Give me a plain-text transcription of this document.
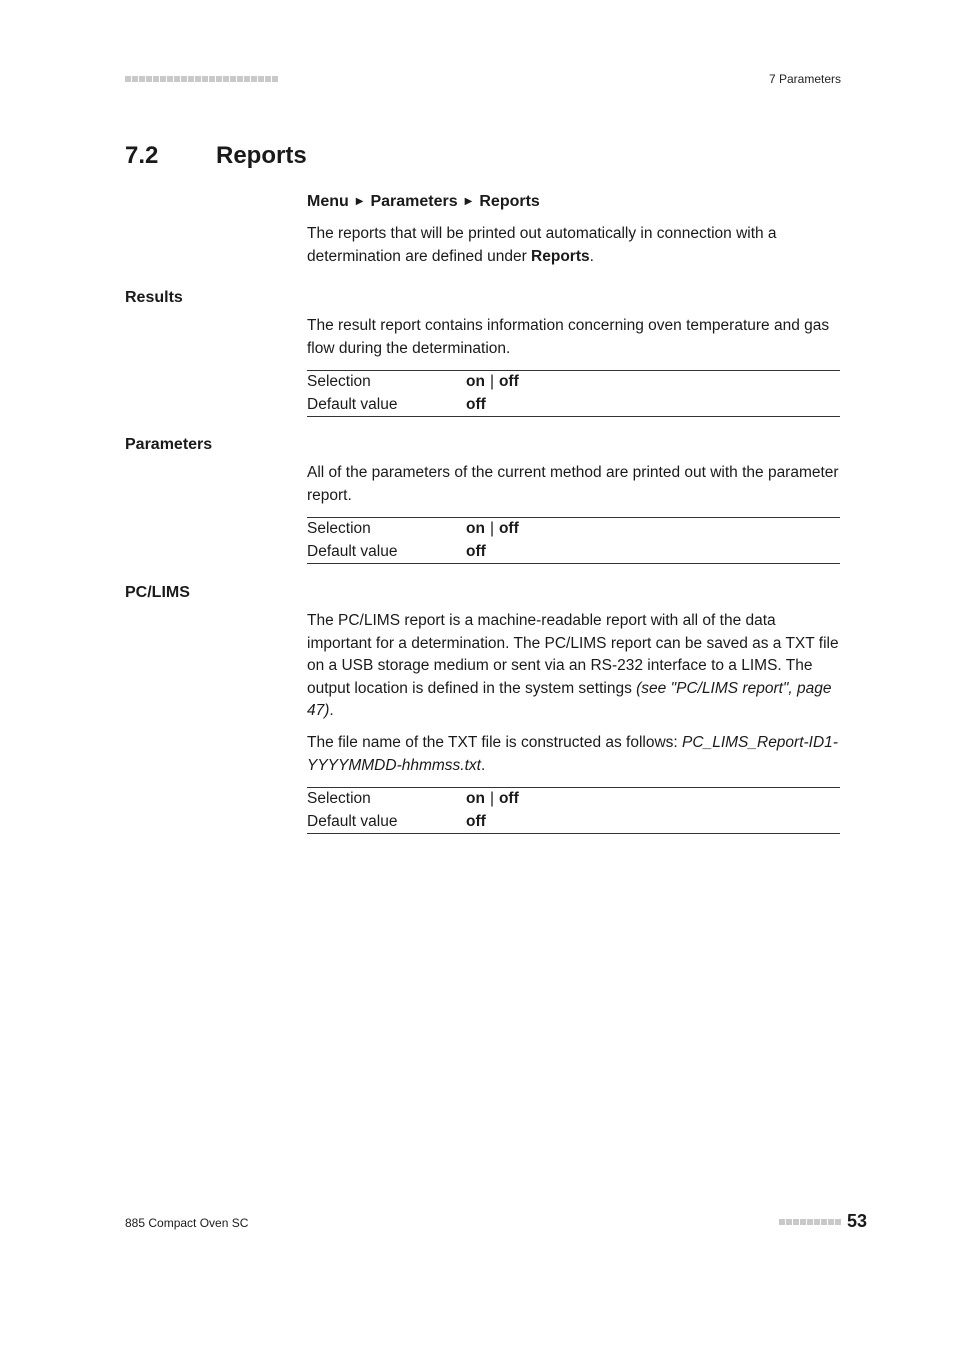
7 Parameters
7.2 Reports
Menu ▶ Parameters ▶ Reports
The reports that will be printed out automatically in connection with a determination are defined under Reports.
Results
The result report contains information concerning oven temperature and gas flow during the determination.
Selection	on | off
Default value	off
Parameters
All of the parameters of the current method are printed out with the parameter report.
Selection	on | off
Default value	off
PC/LIMS
The PC/LIMS report is a machine-readable report with all of the data important for a determination. The PC/LIMS report can be saved as a TXT file on a USB storage medium or sent via an RS-232 interface to a LIMS. The output location is defined in the system settings (see "PC/LIMS report", page 47).
The file name of the TXT file is constructed as follows: PC_LIMS_Report-ID1-YYYYMMDD-hhmmss.txt.
Selection	on | off
Default value	off
885 Compact Oven SC	53
